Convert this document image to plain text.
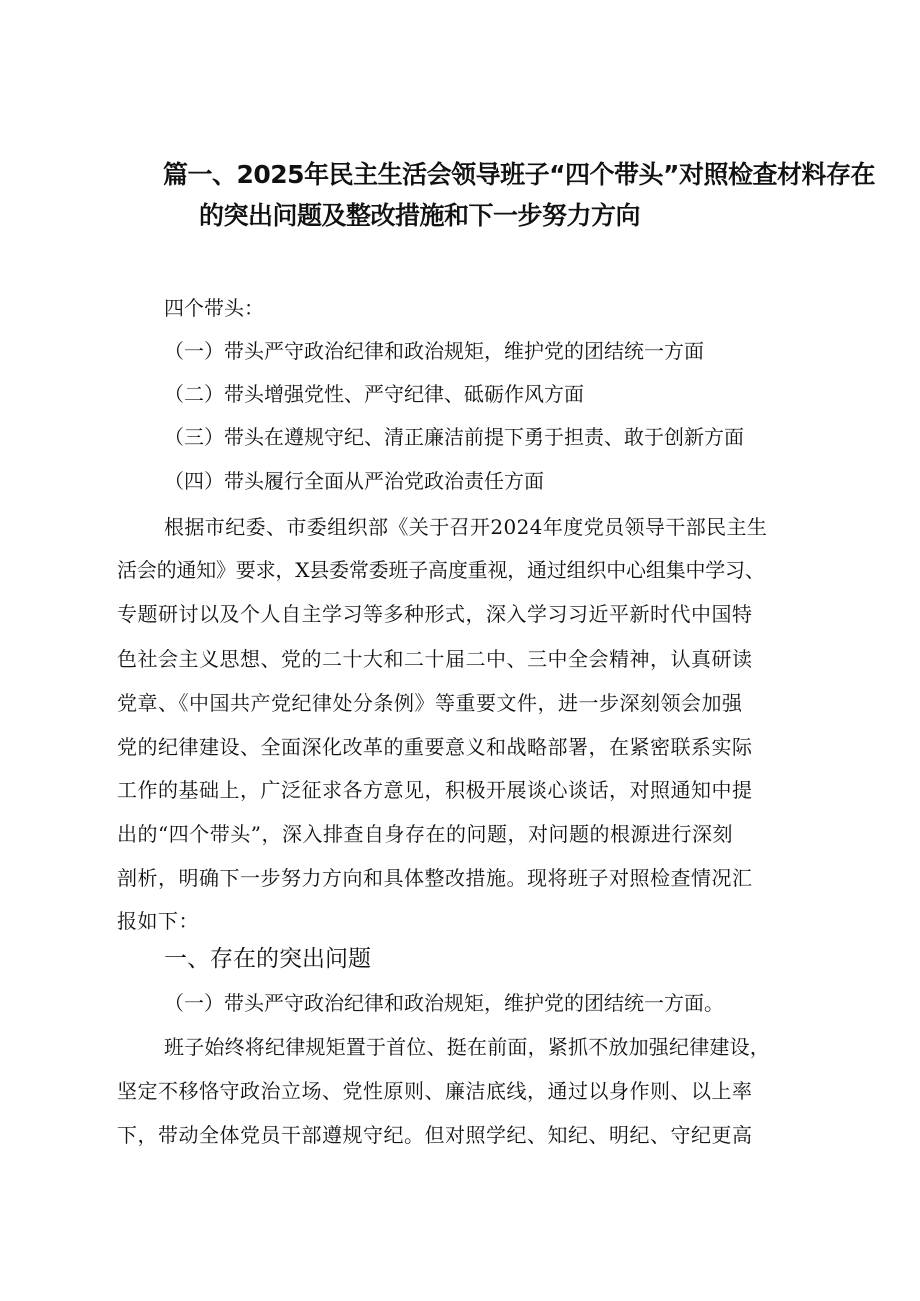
篇一、2025年民主生活会领导班子“四个带头”对照检查材料存在
的突出问题及整改措施和下一步努力方向
四个带头：
（一）带头严守政治纪律和政治规矩，维护党的团结统一方面
（二）带头增强党性、严守纪律、砥砺作风方面
（三）带头在遵规守纪、清正廉洁前提下勇于担责、敢于创新方面
（四）带头履行全面从严治党政治责任方面
根据市纪委、市委组织部《关于召开2024年度党员领导干部民主生
活会的通知》要求，X县委常委班子高度重视，通过组织中心组集中学习、
专题研讨以及个人自主学习等多种形式，深入学习习近平新时代中国特
色社会主义思想、党的二十大和二十届二中、三中全会精神，认真研读
党章、《中国共产党纪律处分条例》等重要文件，进一步深刻领会加强
党的纪律建设、全面深化改革的重要意义和战略部署，在紧密联系实际
工作的基础上，广泛征求各方意见，积极开展谈心谈话，对照通知中提
出的“四个带头”，深入排查自身存在的问题，对问题的根源进行深刻
剖析，明确下一步努力方向和具体整改措施。现将班子对照检查情况汇
报如下：
一、存在的突出问题
（一）带头严守政治纪律和政治规矩，维护党的团结统一方面。
班子始终将纪律规矩置于首位、挺在前面，紧抓不放加强纪律建设，
坚定不移恪守政治立场、党性原则、廉洁底线，通过以身作则、以上率
下，带动全体党员干部遵规守纪。但对照学纪、知纪、明纪、守纪更高
